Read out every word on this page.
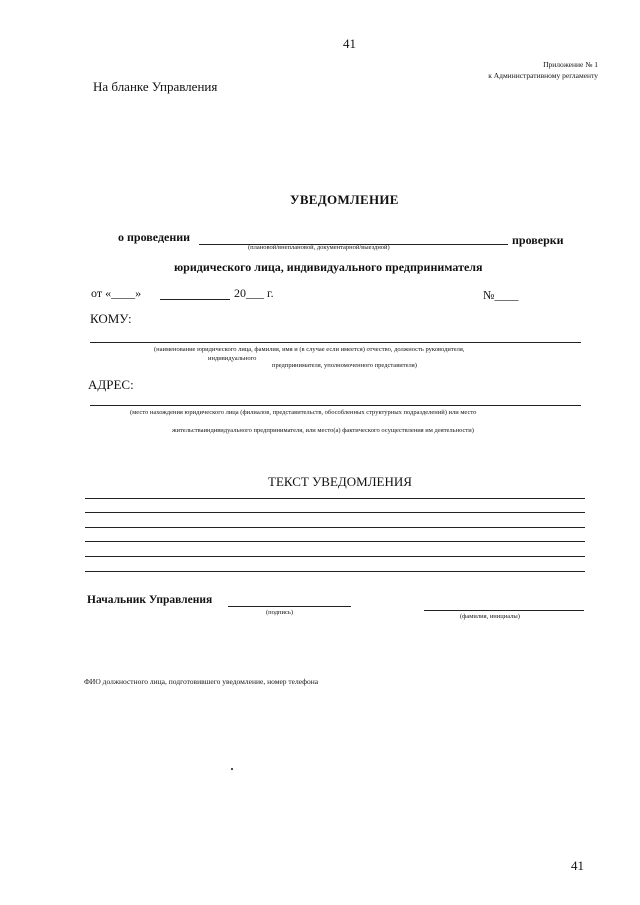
41
Приложение № 1
к Административному регламенту
На бланке Управления
УВЕДОМЛЕНИЕ
о проведении
(плановой/внеплановой, документарной/выездной)
проверки
юридического лица, индивидуального предпринимателя
от «____»	20___ г.	№____
КОМУ:
(наименование юридического лица, фамилия, имя и (в случае если имеется) отчество, должность руководителя,
индивидуального
предпринимателя, уполномоченного представителя)
АДРЕС:
(место нахождения юридического лица (филиалов, представительств, обособленных структурных подразделений) или место
жительстваиндивидуального предпринимателя, или место(а) фактического осуществления им деятельности)
ТЕКСТ УВЕДОМЛЕНИЯ
Начальник Управления
(подпись)
(фамилия, инициалы)
ФИО должностного лица, подготовившего уведомление, номер телефона
41
